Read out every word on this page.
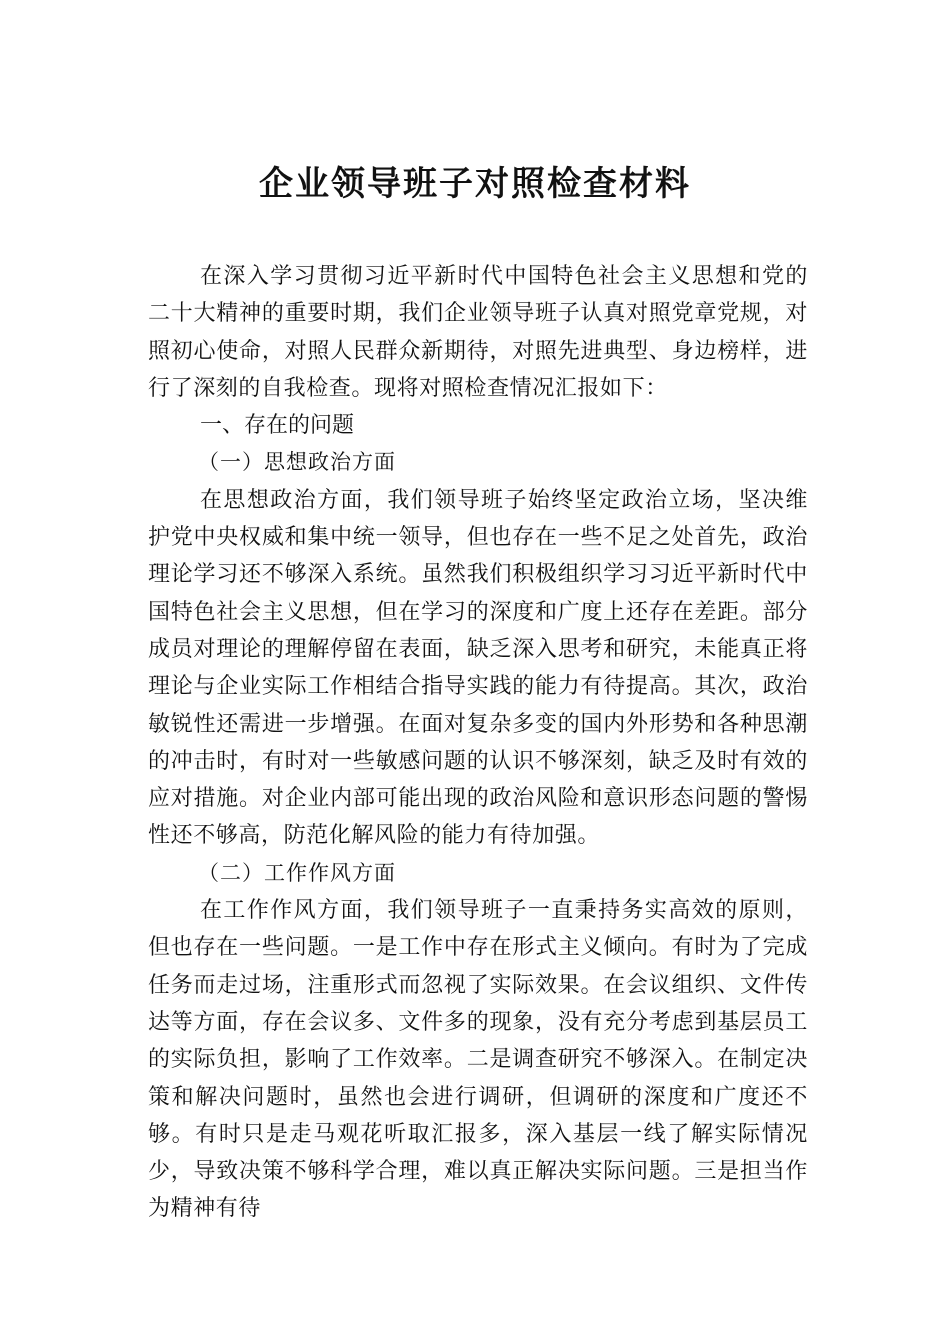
企业领导班子对照检查材料

在深入学习贯彻习近平新时代中国特色社会主义思想和党的二十大精神的重要时期，我们企业领导班子认真对照党章党规，对照初心使命，对照人民群众新期待，对照先进典型、身边榜样，进行了深刻的自我检查。现将对照检查情况汇报如下：

一、存在的问题
（一）思想政治方面

在思想政治方面，我们领导班子始终坚定政治立场，坚决维护党中央权威和集中统一领导，但也存在一些不足之处首先，政治理论学习还不够深入系统。虽然我们积极组织学习习近平新时代中国特色社会主义思想，但在学习的深度和广度上还存在差距。部分成员对理论的理解停留在表面，缺乏深入思考和研究，未能真正将理论与企业实际工作相结合指导实践的能力有待提高。其次，政治敏锐性还需进一步增强。在面对复杂多变的国内外形势和各种思潮的冲击时，有时对一些敏感问题的认识不够深刻，缺乏及时有效的应对措施。对企业内部可能出现的政治风险和意识形态问题的警惕性还不够高，防范化解风险的能力有待加强。

（二）工作作风方面

在工作作风方面，我们领导班子一直秉持务实高效的原则，但也存在一些问题。一是工作中存在形式主义倾向。有时为了完成任务而走过场，注重形式而忽视了实际效果。在会议组织、文件传达等方面，存在会议多、文件多的现象，没有充分考虑到基层员工的实际负担，影响了工作效率。二是调查研究不够深入。在制定决策和解决问题时，虽然也会进行调研，但调研的深度和广度还不够。有时只是走马观花听取汇报多，深入基层一线了解实际情况少，导致决策不够科学合理，难以真正解决实际问题。三是担当作为精神有待
